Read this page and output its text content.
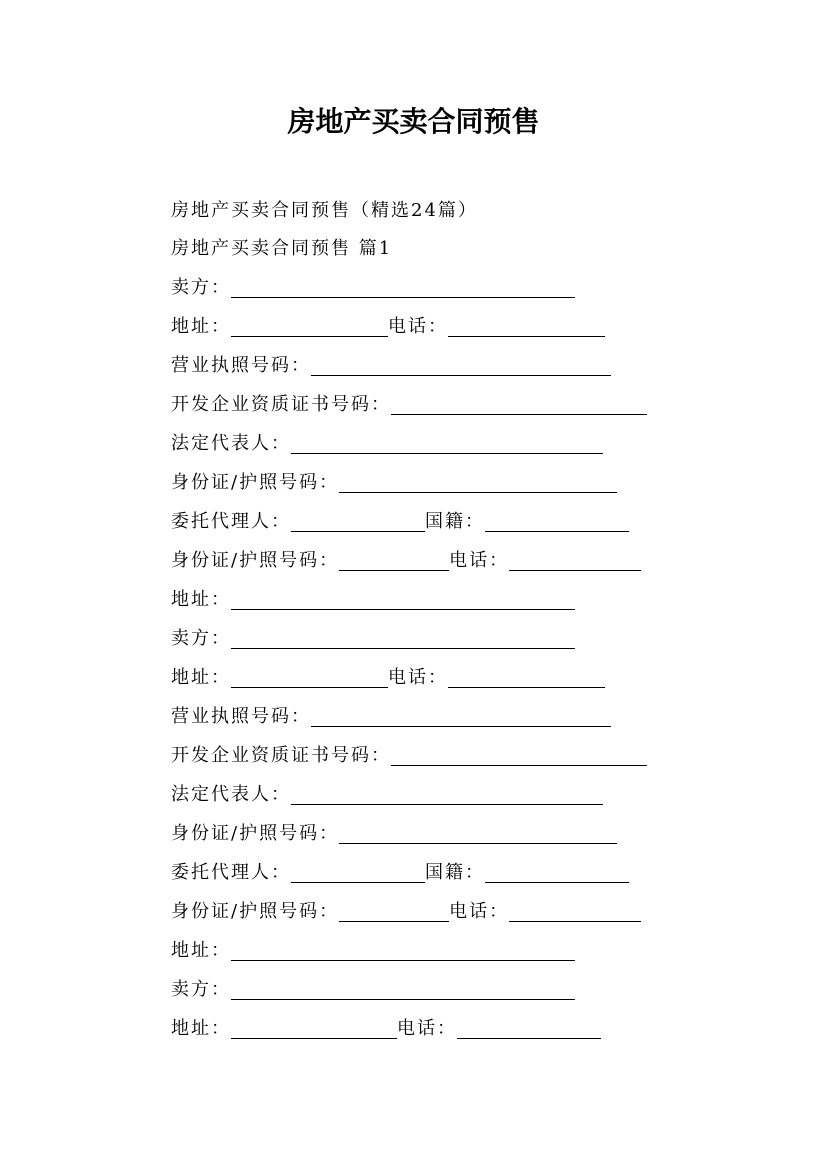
房地产买卖合同预售
房地产买卖合同预售（精选24篇）
房地产买卖合同预售 篇1
卖方：
地址：	电话：
营业执照号码：
开发企业资质证书号码：
法定代表人：
身份证/护照号码：
委托代理人：	国籍：
身份证/护照号码：	电话：
地址：
卖方：
地址：	电话：
营业执照号码：
开发企业资质证书号码：
法定代表人：
身份证/护照号码：
委托代理人：	国籍：
身份证/护照号码：	电话：
地址：
卖方：
地址：	电话：
